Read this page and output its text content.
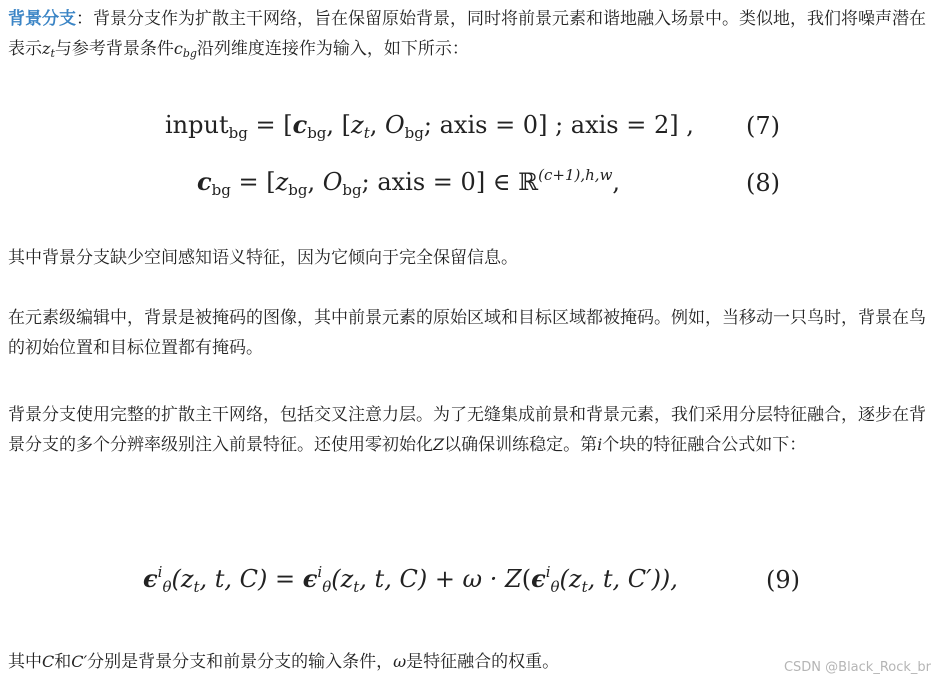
背景分支：背景分支作为扩散主干网络，旨在保留原始背景，同时将前景元素和谐地融入场景中。类似地，我们将噪声潜在表示$z_t$与参考背景条件$c_{bg}$沿列维度连接作为输入，如下所示：

input$_{bg}$ = [$c_{bg}$, [$z_t$, $O_{bg}$; axis = 0] ; axis = 2] , (7)
$c_{bg} = [z_{bg}$, $O_{bg}$; axis = 0] ∈ ℝ$^{(c+1),h,w}$,	(8)

其中背景分支缺少空间感知语义特征，因为它倾向于完全保留信息。

在元素级编辑中，背景是被掩码的图像，其中前景元素的原始区域和目标区域都被掩码。例如，当移动一只鸟时，背景在鸟的初始位置和目标位置都有掩码。

背景分支使用完整的扩散主干网络，包括交叉注意力层。为了无缝集成前景和背景元素，我们采用分层特征融合，逐步在背景分支的多个分辨率级别注入前景特征。还使用零初始化Z以确保训练稳定。第i个块的特征融合公式如下：

$\epsilon^i_\theta(z_t$, t, $C) = \epsilon^i_\theta(z_t$, t, $C) + \omega \cdot Z(\epsilon^i_\theta(z_t$, t, C′)),	(9)

其中C和C′分别是背景分支和前景分支的输入条件，ω是特征融合的权重。	CSDN @Black_Rock_br
